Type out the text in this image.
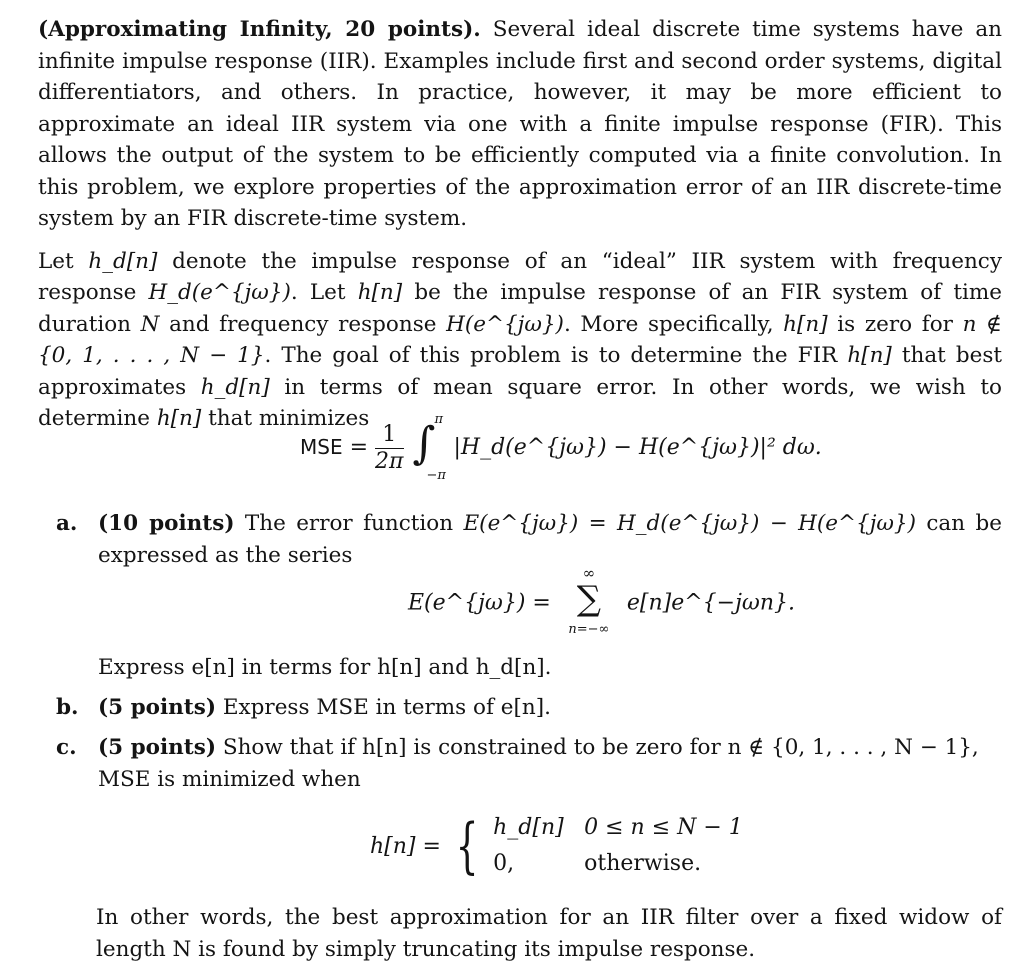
(Approximating Infinity, 20 points). Several ideal discrete time systems have an infinite impulse response (IIR). Examples include first and second order systems, digital differentiators, and others. In practice, however, it may be more efficient to approximate an ideal IIR system via one with a finite impulse response (FIR). This allows the output of the system to be efficiently computed via a finite convolution. In this problem, we explore properties of the approximation error of an IIR discrete-time system by an FIR discrete-time system.

Let h_d[n] denote the impulse response of an “ideal” IIR system with frequency response H_d(e^{jω}). Let h[n] be the impulse response of an FIR system of time duration N and frequency response H(e^{jω}). More specifically, h[n] is zero for n ∉ {0, 1, . . . , N − 1}. The goal of this problem is to determine the FIR h[n] that best approximates h_d[n] in terms of mean square error. In other words, we wish to determine h[n] that minimizes

MSE = $\frac{1}{2\pi}$
∫ π
−π
|H_d(e^{jω}) − H(e^{jω})|² dω.
a. (10 points) The error function E(e^{jω}) = H_d(e^{jω}) − H(e^{jω}) can be expressed as the series
E(e^{jω}) =
∞
∑
n=−∞
e[n]e^{−jωn}.
Express e[n] in terms for h[n] and h_d[n].
b. (5 points) Express MSE in terms of e[n].
c. (5 points) Show that if h[n] is constrained to be zero for n ∉ {0, 1, . . . , N − 1},
MSE is minimized when
h[n] = { h_d[n] 0 ≤ n ≤ N − 1
0,	otherwise.
In other words, the best approximation for an IIR filter over a fixed widow of length N is found by simply truncating its impulse response.
